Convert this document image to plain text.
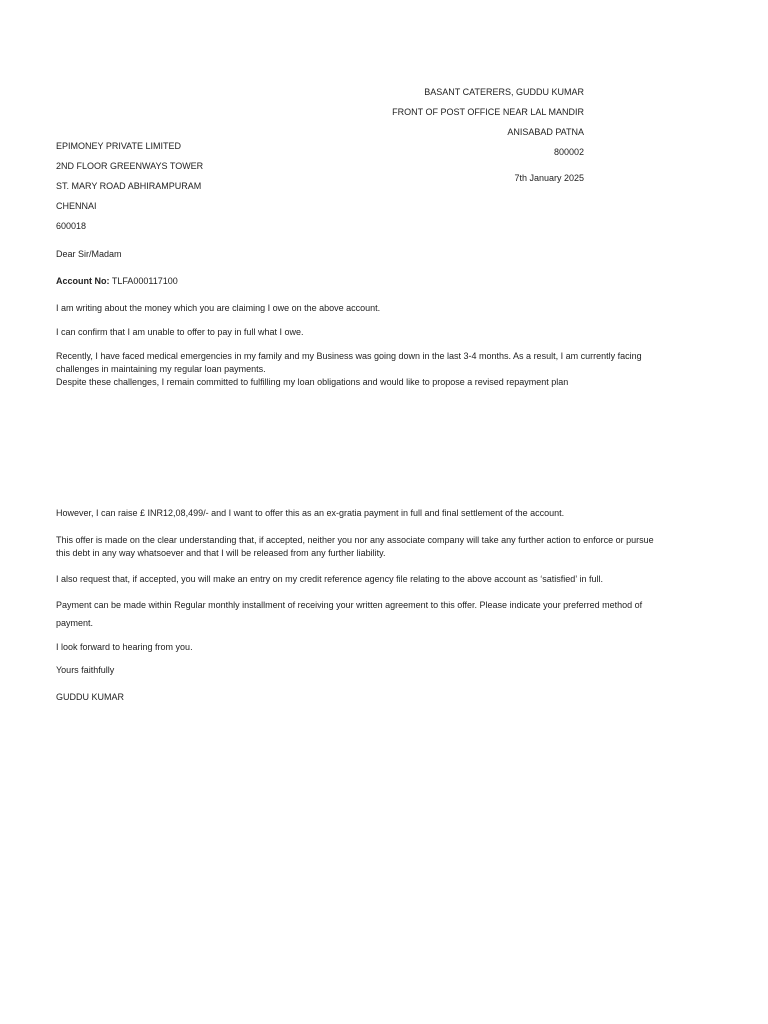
BASANT CATERERS, GUDDU KUMAR
FRONT OF POST OFFICE NEAR LAL MANDIR
ANISABAD PATNA
800002
7th January 2025
EPIMONEY PRIVATE LIMITED
2ND FLOOR GREENWAYS TOWER
ST. MARY ROAD ABHIRAMPURAM
CHENNAI
600018
Dear Sir/Madam
Account No: TLFA000117100
I am writing about the money which you are claiming I owe on the above account.
I can confirm that I am unable to offer to pay in full what I owe.
Recently, I have faced medical emergencies in my family and my Business was going down in the last 3-4 months. As a result, I am currently facing
challenges in maintaining my regular loan payments.
Despite these challenges, I remain committed to fulfilling my loan obligations and would like to propose a revised repayment plan
However, I can raise £ INR12,08,499/- and I want to offer this as an ex-gratia payment in full and final settlement of the account.
This offer is made on the clear understanding that, if accepted, neither you nor any associate company will take any further action to enforce or pursue
this debt in any way whatsoever and that I will be released from any further liability.
I also request that, if accepted, you will make an entry on my credit reference agency file relating to the above account as ‘satisfied’ in full.
Payment can be made within Regular monthly installment of receiving your written agreement to this offer. Please indicate your preferred method of
payment.
I look forward to hearing from you.
Yours faithfully
GUDDU KUMAR
